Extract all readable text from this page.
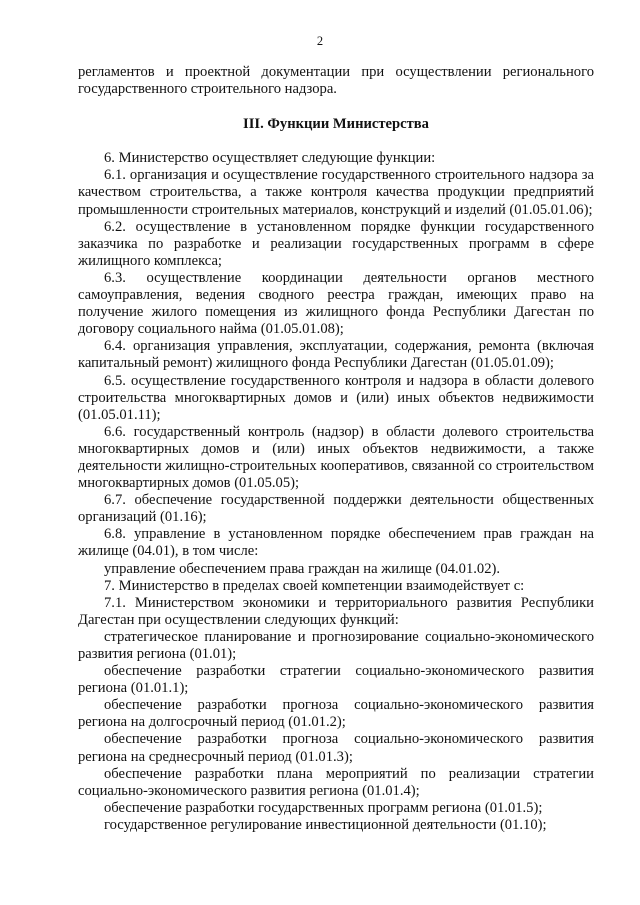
2

регламентов и проектной документации при осуществлении регионального государственного строительного надзора.

III. Функции Министерства

6. Министерство осуществляет следующие функции:

6.1. организация и осуществление государственного строительного надзора за качеством строительства, а также контроля качества продукции предприятий промышленности строительных материалов, конструкций и изделий (01.05.01.06);

6.2. осуществление в установленном порядке функции государственного заказчика по разработке и реализации государственных программ в сфере жилищного комплекса;

6.3. осуществление координации деятельности органов местного самоуправления, ведения сводного реестра граждан, имеющих право на получение жилого помещения из жилищного фонда Республики Дагестан по договору социального найма (01.05.01.08);

6.4. организация управления, эксплуатации, содержания, ремонта (включая капитальный ремонт) жилищного фонда Республики Дагестан (01.05.01.09);

6.5. осуществление государственного контроля и надзора в области долевого строительства многоквартирных домов и (или) иных объектов недвижимости (01.05.01.11);

6.6. государственный контроль (надзор) в области долевого строительства многоквартирных домов и (или) иных объектов недвижимости, а также деятельности жилищно-строительных кооперативов, связанной со строительством многоквартирных домов (01.05.05);

6.7. обеспечение государственной поддержки деятельности общественных организаций (01.16);

6.8. управление в установленном порядке обеспечением прав граждан на жилище (04.01), в том числе:

управление обеспечением права граждан на жилище (04.01.02).

7. Министерство в пределах своей компетенции взаимодействует с:

7.1. Министерством экономики и территориального развития Республики Дагестан при осуществлении следующих функций:

стратегическое планирование и прогнозирование социально-экономического развития региона (01.01);

обеспечение разработки стратегии социально-экономического развития региона (01.01.1);

обеспечение разработки прогноза социально-экономического развития региона на долгосрочный период (01.01.2);

обеспечение разработки прогноза социально-экономического развития региона на среднесрочный период (01.01.3);

обеспечение разработки плана мероприятий по реализации стратегии социально-экономического развития региона (01.01.4);

обеспечение разработки государственных программ региона (01.01.5);

государственное регулирование инвестиционной деятельности (01.10);
